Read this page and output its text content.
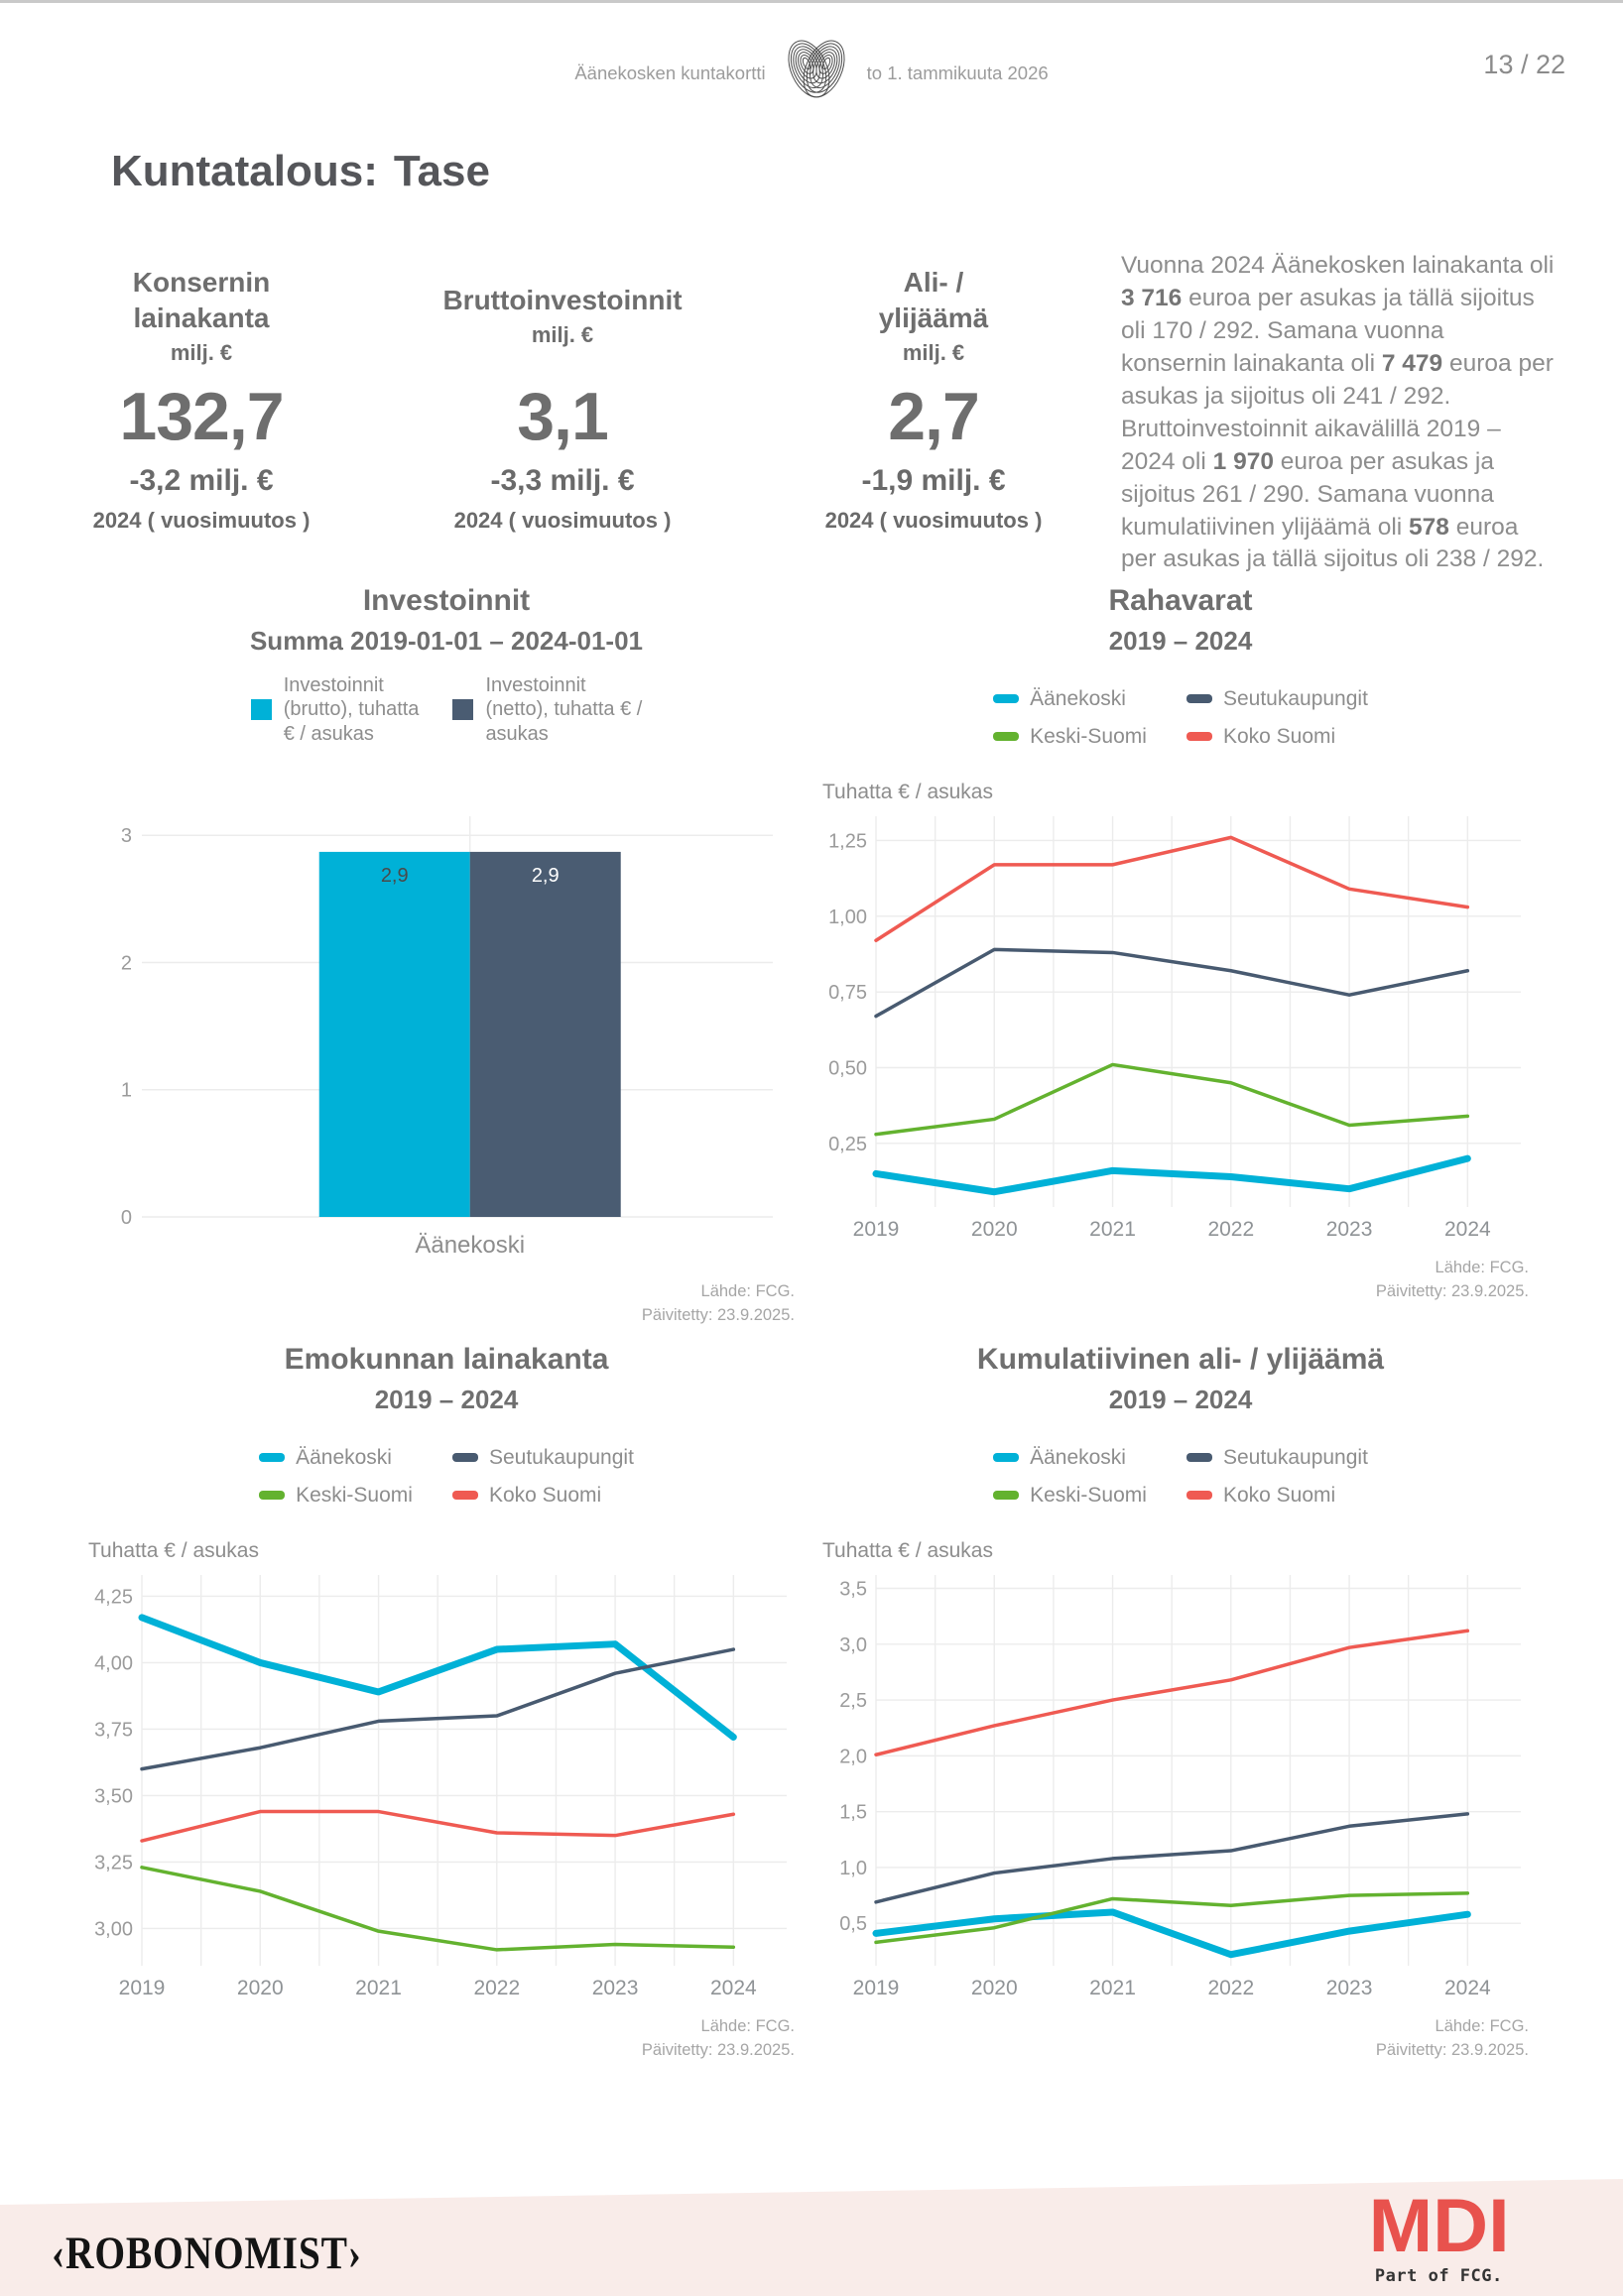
Äänekosken kuntakortti	to 1. tammikuuta 2026	13 / 22
Kuntatalous: Tase
Konsernin
lainakanta
milj. €
132,7
-3,2 milj. €
2024 ( vuosimuutos )
Bruttoinvestoinnit
milj. €
3,1
-3,3 milj. €
2024 ( vuosimuutos )
Ali- /
ylijäämä
milj. €
2,7
-1,9 milj. €
2024 ( vuosimuutos )

Vuonna 2024 Äänekosken lainakanta oli 3 716 euroa per asukas ja tällä sijoitus oli 170 / 292. Samana vuonna konsernin lainakanta oli 7 479 euroa per asukas ja sijoitus oli 241 / 292. Bruttoinvestoinnit aikavälillä 2019 – 2024 oli 1 970 euroa per asukas ja sijoitus 261 / 290. Samana vuonna kumulatiivinen ylijäämä oli 578 euroa per asukas ja tällä sijoitus oli 238 / 292.

Investoinnit
Summa 2019-01-01 – 2024-01-01
Investoinnit
(brutto), tuhatta
€ / asukas
Investoinnit
(netto), tuhatta € /
asukas
0
1
2
3
2,9	2,9
Äänekoski
Lähde: FCG.
Päivitetty: 23.9.2025.
Rahavarat
2019 – 2024
Äänekoski	Seutukaupungit
Keski-Suomi	Koko Suomi
Tuhatta € / asukas
0,25
0,50
0,75
1,00
1,25
2019	2020	2021	2022	2023	2024
Lähde: FCG.
Päivitetty: 23.9.2025.
Emokunnan lainakanta
2019 – 2024
Äänekoski	Seutukaupungit
Keski-Suomi	Koko Suomi
Tuhatta € / asukas
3,00
3,25
3,50
3,75
4,00
4,25
2019	2020	2021	2022	2023	2024
Lähde: FCG.
Päivitetty: 23.9.2025.
Kumulatiivinen ali- / ylijäämä
2019 – 2024
Äänekoski	Seutukaupungit
Keski-Suomi	Koko Suomi
Tuhatta € / asukas
0,5
1,0
1,5
2,0
2,5
3,0
3,5
2019	2020	2021	2022	2023	2024
Lähde: FCG.
Päivitetty: 23.9.2025.
‹ROBONOMIST›	MDI
Part of FCG.
